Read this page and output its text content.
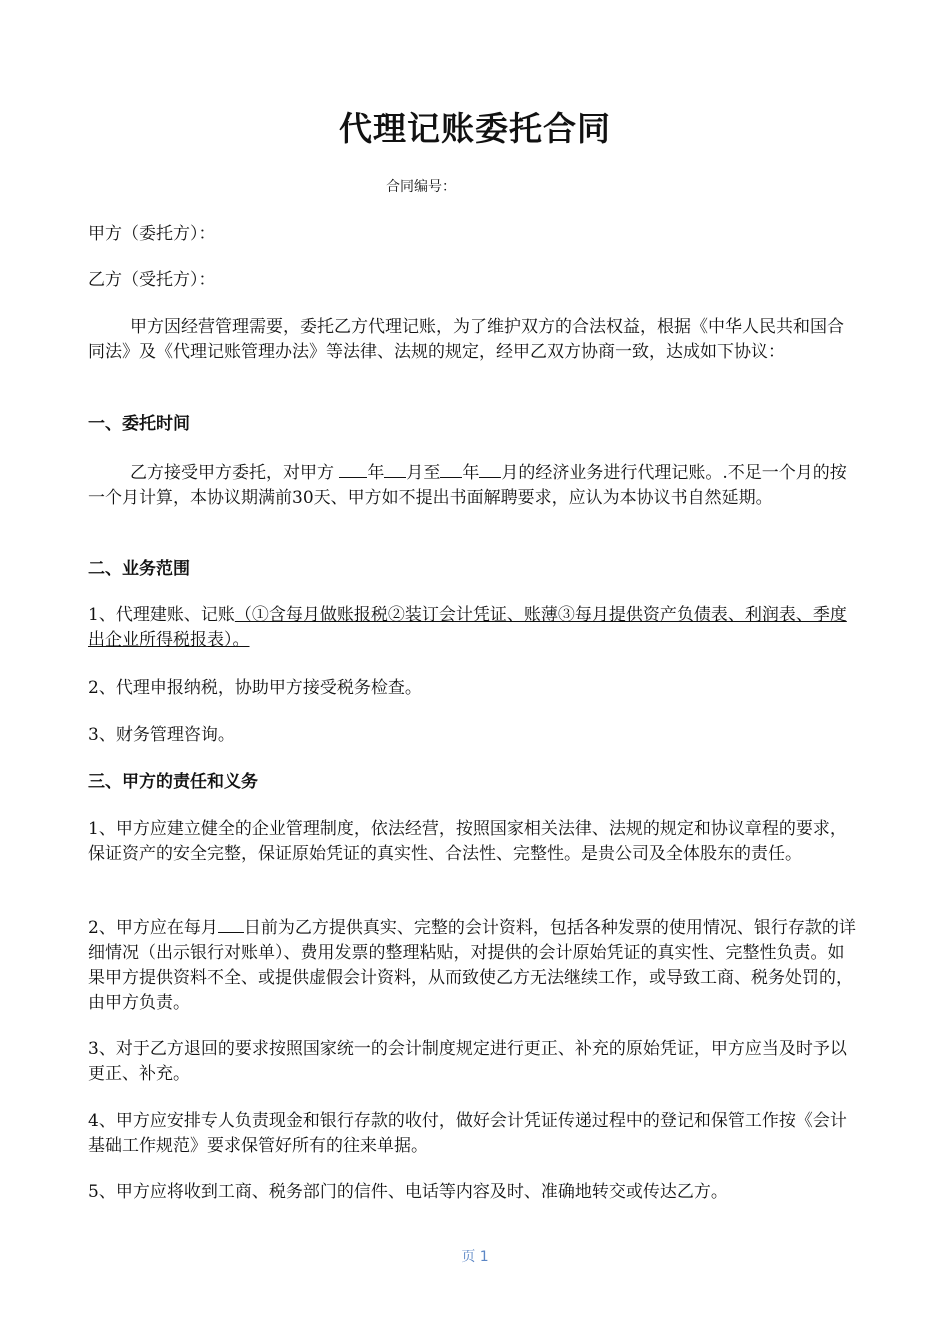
代理记账委托合同
合同编号：

甲方（委托方）：

乙方（受托方）：

甲方因经营管理需要，委托乙方代理记账，为了维护双方的合法权益，根据《中华人民共和国合同法》及《代理记账管理办法》等法律、法规的规定，经甲乙双方协商一致，达成如下协议：

一、委托时间

乙方接受甲方委托，对甲方 年 月至 年 月的经济业务进行代理记账。.不足一个月的按一个月计算，本协议期满前30天、甲方如不提出书面解聘要求，应认为本协议书自然延期。

二、业务范围

1、代理建账、记账（①含每月做账报税②装订会计凭证、账薄③每月提供资产负债表、利润表、季度出企业所得税报表）。

2、代理申报纳税，协助甲方接受税务检查。

3、财务管理咨询。

三、甲方的责任和义务

1、甲方应建立健全的企业管理制度，依法经营，按照国家相关法律、法规的规定和协议章程的要求，保证资产的安全完整，保证原始凭证的真实性、合法性、完整性。是贵公司及全体股东的责任。

2、甲方应在每月 日前为乙方提供真实、完整的会计资料，包括各种发票的使用情况、银行存款的详细情况（出示银行对账单）、费用发票的整理粘贴，对提供的会计原始凭证的真实性、完整性负责。如果甲方提供资料不全、或提供虚假会计资料，从而致使乙方无法继续工作，或导致工商、税务处罚的，由甲方负责。

3、对于乙方退回的要求按照国家统一的会计制度规定进行更正、补充的原始凭证，甲方应当及时予以更正、补充。

4、甲方应安排专人负责现金和银行存款的收付，做好会计凭证传递过程中的登记和保管工作按《会计基础工作规范》要求保管好所有的往来单据。

5、甲方应将收到工商、税务部门的信件、电话等内容及时、准确地转交或传达乙方。

页 1
